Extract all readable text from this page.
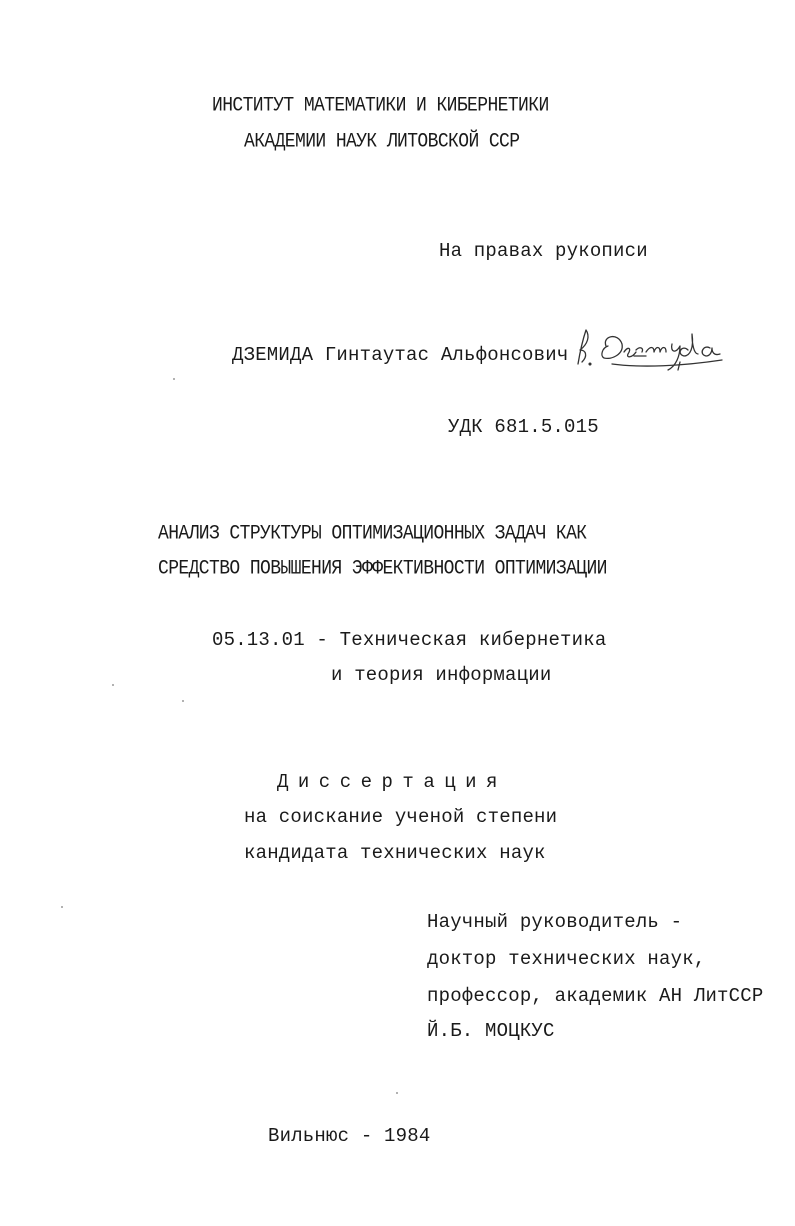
ИНСТИТУТ МАТЕМАТИКИ И КИБЕРНЕТИКИ
АКАДЕМИИ НАУК ЛИТОВСКОЙ ССР
На правах рукописи
ДЗЕМИДА Гинтаутас Альфонсович
УДК 681.5.015
АНАЛИЗ СТРУКТУРЫ ОПТИМИЗАЦИОННЫХ ЗАДАЧ КАК
СРЕДСТВО ПОВЫШЕНИЯ ЭФФЕКТИВНОСТИ ОПТИМИЗАЦИИ
05.13.01 - Техническая кибернетика
и теория информации
Диссертация
на соискание ученой степени
кандидата технических наук
Научный руководитель -
доктор технических наук,
профессор, академик АН ЛитССР
Й.Б. МОЦКУС
Вильнюс - 1984
